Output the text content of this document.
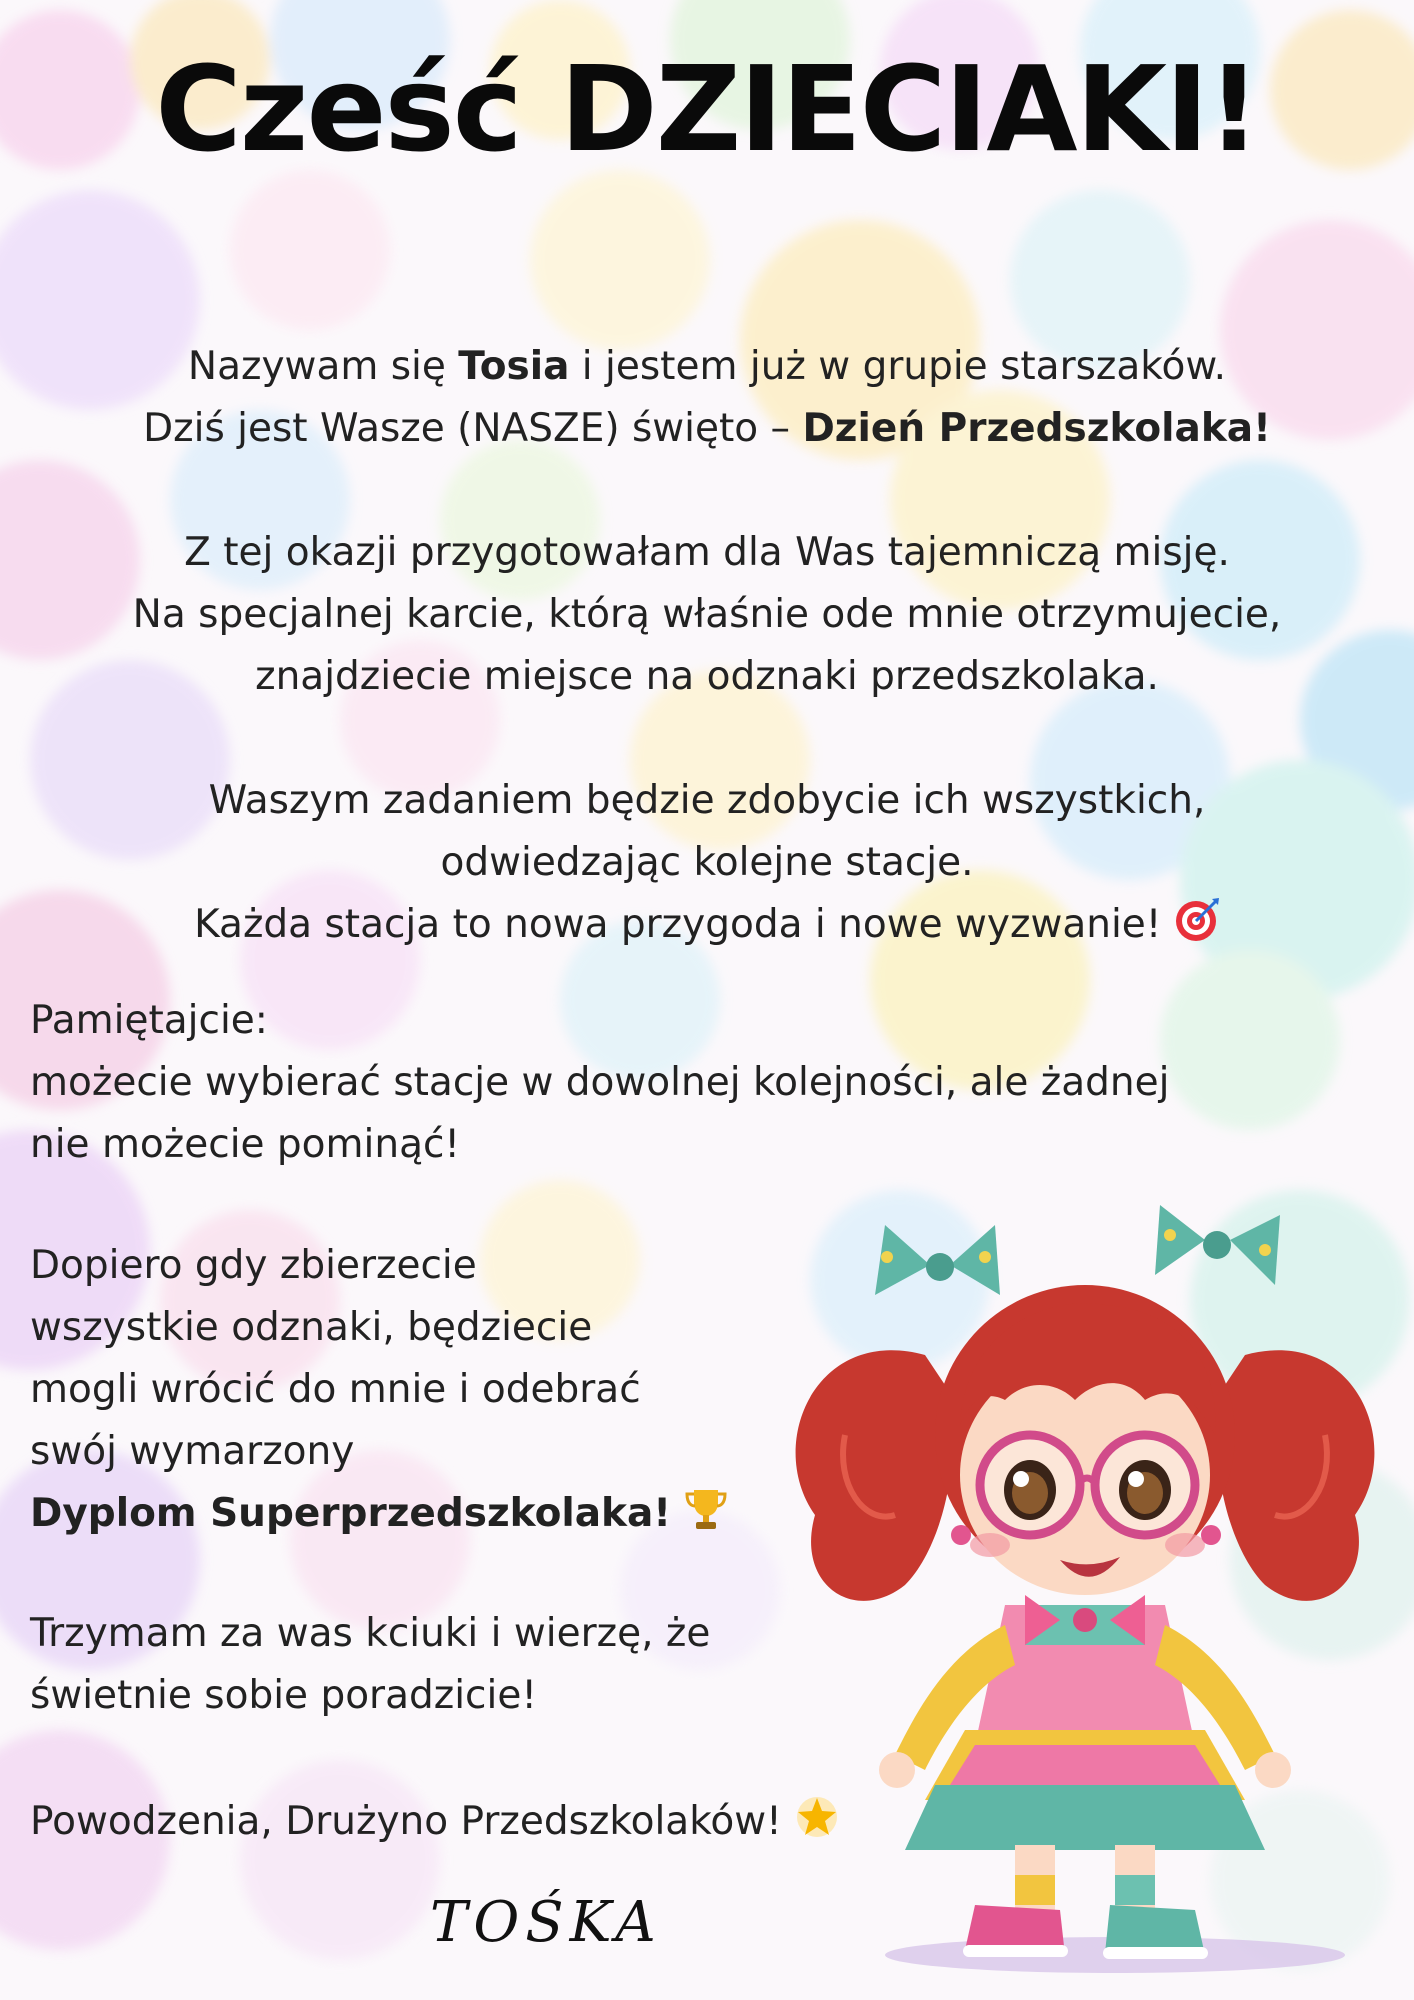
Cześć DZIECIAKI!

Nazywam się Tosia i jestem już w grupie starszaków.

Dziś jest Wasze (NASZE) święto – Dzień Przedszkolaka!

Z tej okazji przygotowałam dla Was tajemniczą misję.

Na specjalnej karcie, którą właśnie ode mnie otrzymujecie,

znajdziecie miejsce na odznaki przedszkolaka.

Waszym zadaniem będzie zdobycie ich wszystkich,

odwiedzając kolejne stacje.

Każda stacja to nowa przygoda i nowe wyzwanie!

Pamiętajcie:

możecie wybierać stacje w dowolnej kolejności, ale żadnej

nie możecie pominąć!

Dopiero gdy zbierzecie

wszystkie odznaki, będziecie

mogli wrócić do mnie i odebrać

swój wymarzony

Dyplom Superprzedszkolaka!

Trzymam za was kciuki i wierzę, że

świetnie sobie poradzicie!

Powodzenia, Drużyno Przedszkolaków!

TOŚKA
